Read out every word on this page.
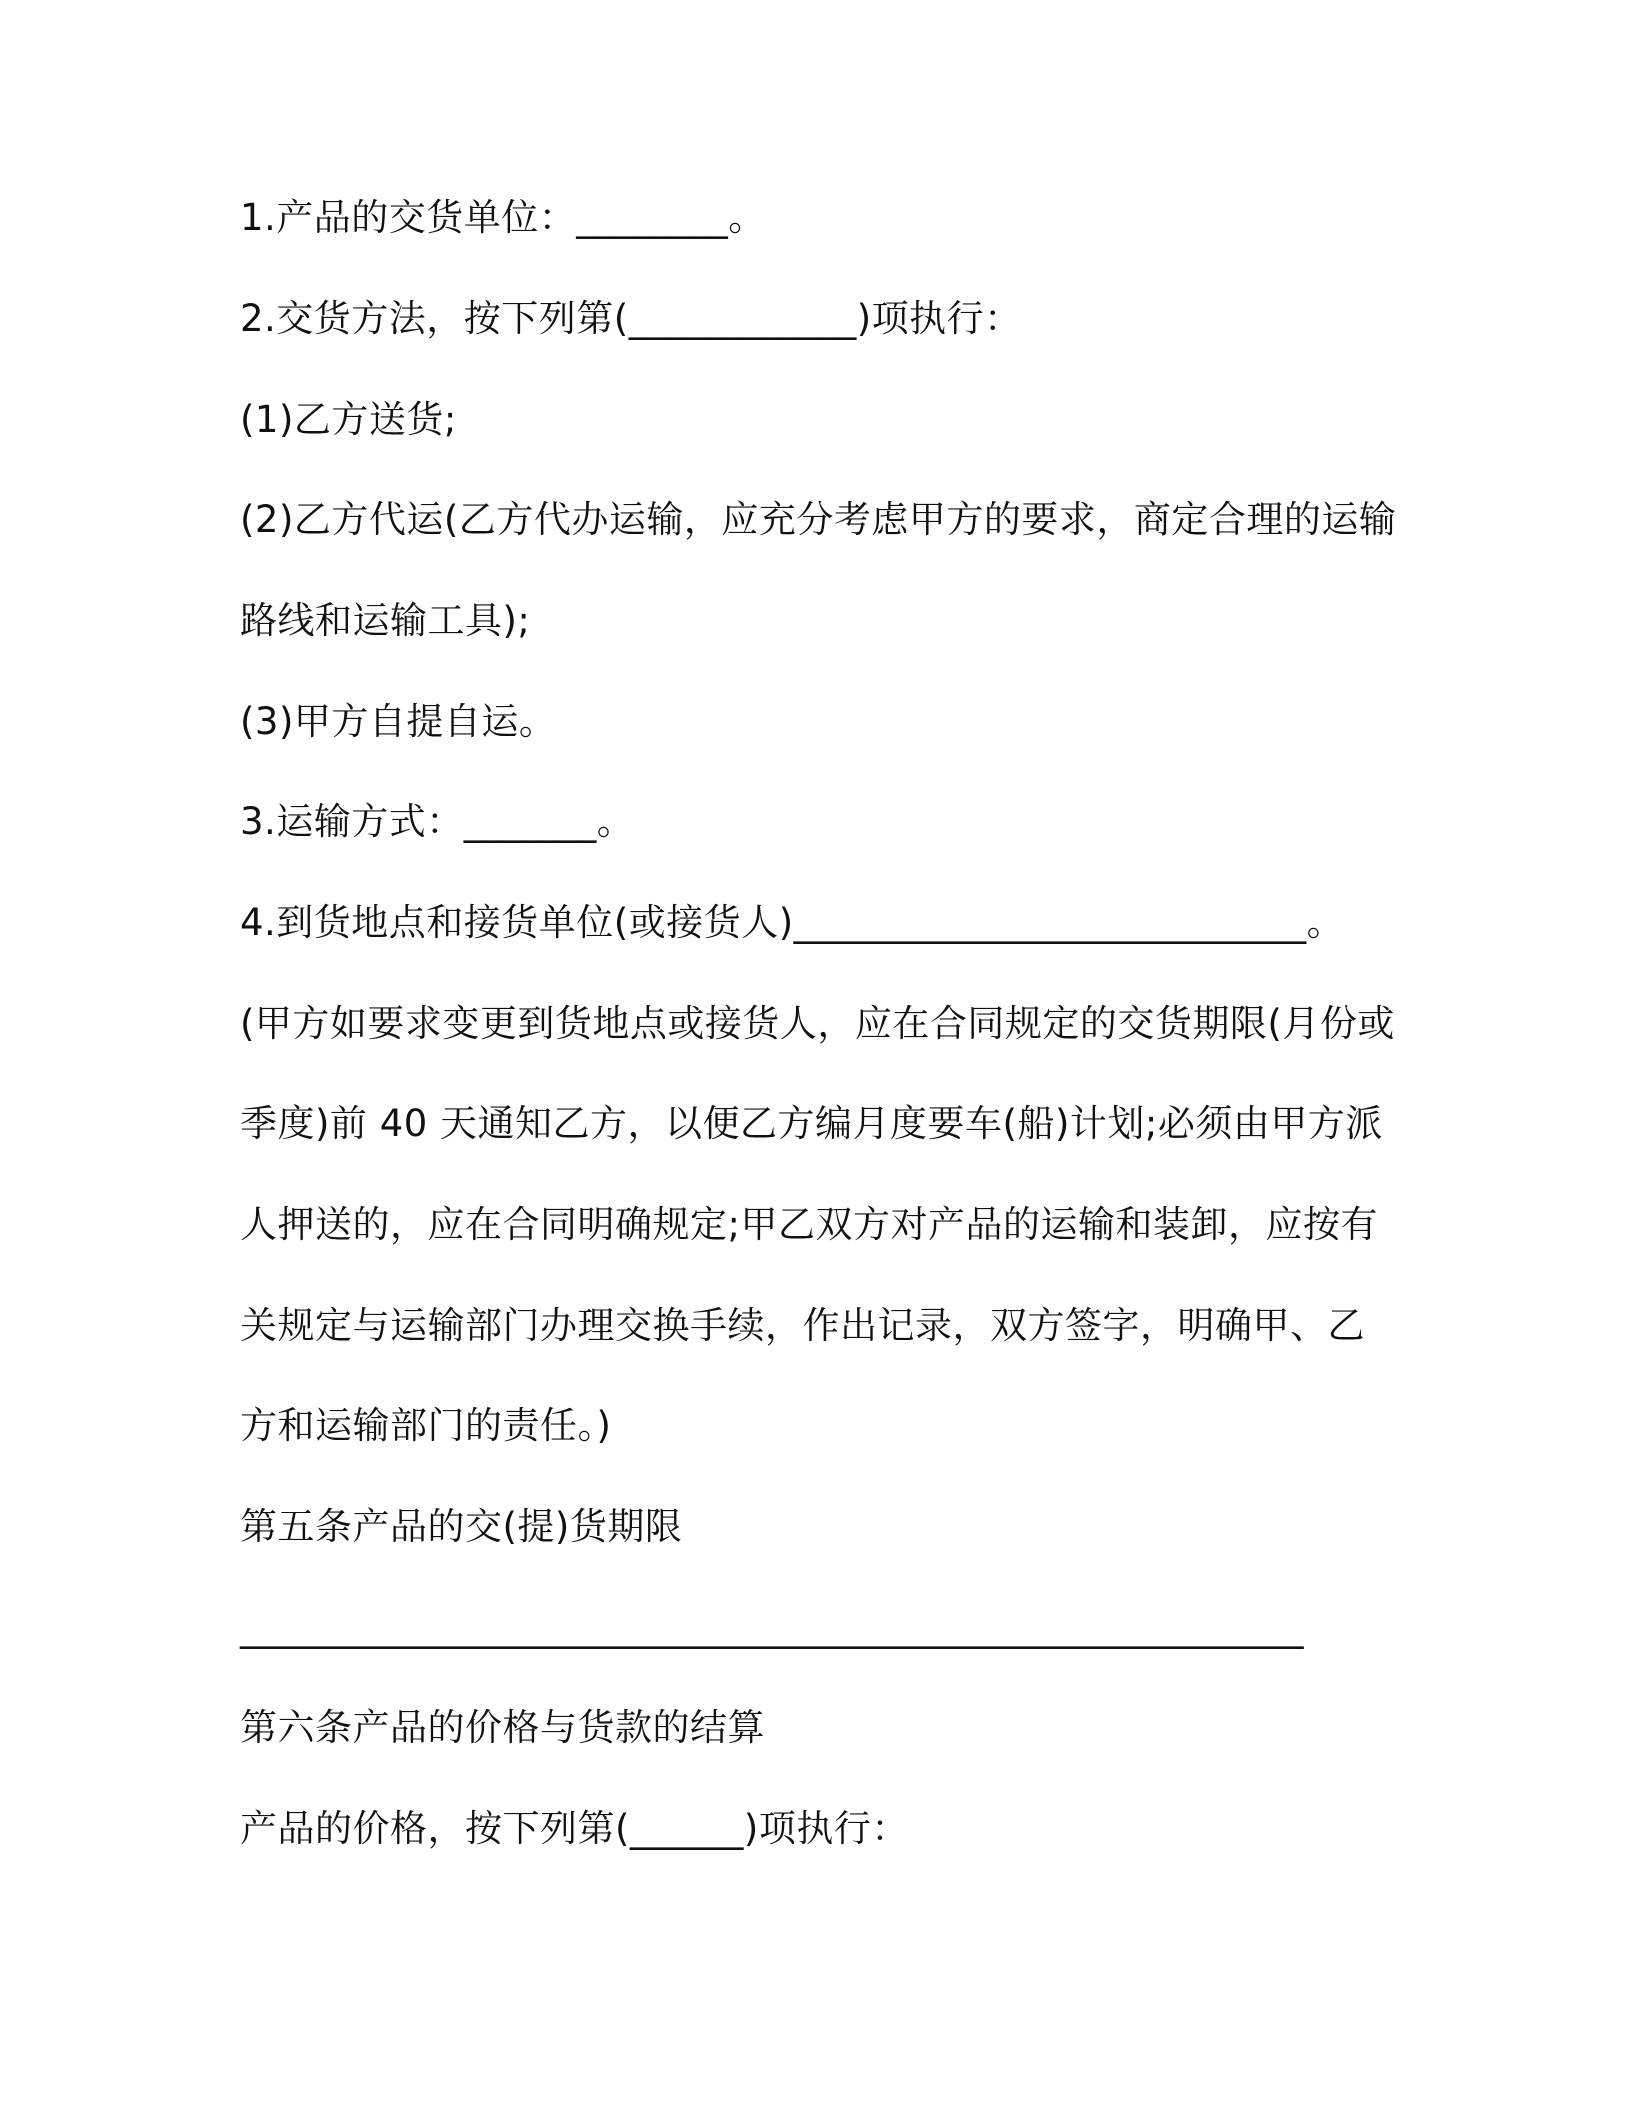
1.产品的交货单位：________。
2.交货方法，按下列第(____________)项执行：
(1)乙方送货;
(2)乙方代运(乙方代办运输，应充分考虑甲方的要求，商定合理的运输
路线和运输工具);
(3)甲方自提自运。
3.运输方式：_______。
4.到货地点和接货单位(或接货人)___________________________。
(甲方如要求变更到货地点或接货人，应在合同规定的交货期限(月份或
季度)前 40 天通知乙方，以便乙方编月度要车(船)计划;必须由甲方派
人押送的，应在合同明确规定;甲乙双方对产品的运输和装卸，应按有
关规定与运输部门办理交换手续，作出记录，双方签字，明确甲、乙
方和运输部门的责任。)
第五条产品的交(提)货期限
________________________________________________________
第六条产品的价格与货款的结算
产品的价格，按下列第(______)项执行：
